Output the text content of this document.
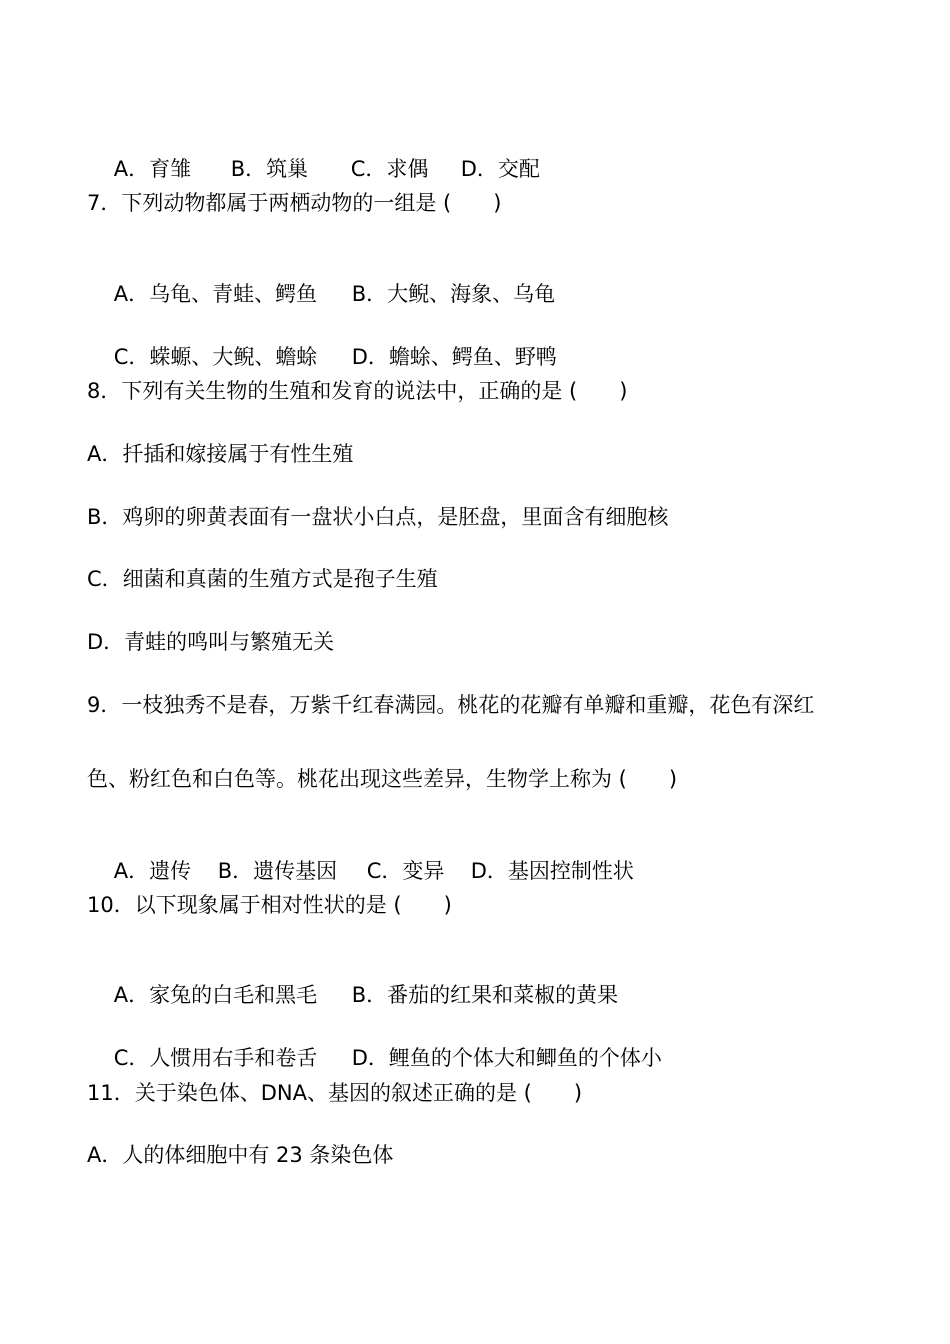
A．育雏 B．筑巢 C．求偶 D．交配

7．下列动物都属于两栖动物的一组是 (　　)

A．乌龟、青蛙、鳄鱼 B．大鲵、海象、乌龟

C．蝾螈、大鲵、蟾蜍 D．蟾蜍、鳄鱼、野鸭

8．下列有关生物的生殖和发育的说法中，正确的是 (　　)
A．扦插和嫁接属于有性生殖
B．鸡卵的卵黄表面有一盘状小白点，是胚盘，里面含有细胞核
C．细菌和真菌的生殖方式是孢子生殖
D．青蛙的鸣叫与繁殖无关
9．一枝独秀不是春，万紫千红春满园。桃花的花瓣有单瓣和重瓣，花色有深红
色、粉红色和白色等。桃花出现这些差异，生物学上称为 (　　)

A．遗传 B．遗传基因 C．变异 D．基因控制性状

10．以下现象属于相对性状的是 (　　)

A．家兔的白毛和黑毛 B．番茄的红果和菜椒的黄果

C．人惯用右手和卷舌 D．鲤鱼的个体大和鲫鱼的个体小

11．关于染色体、DNA、基因的叙述正确的是 (　　)
A．人的体细胞中有 23 条染色体
